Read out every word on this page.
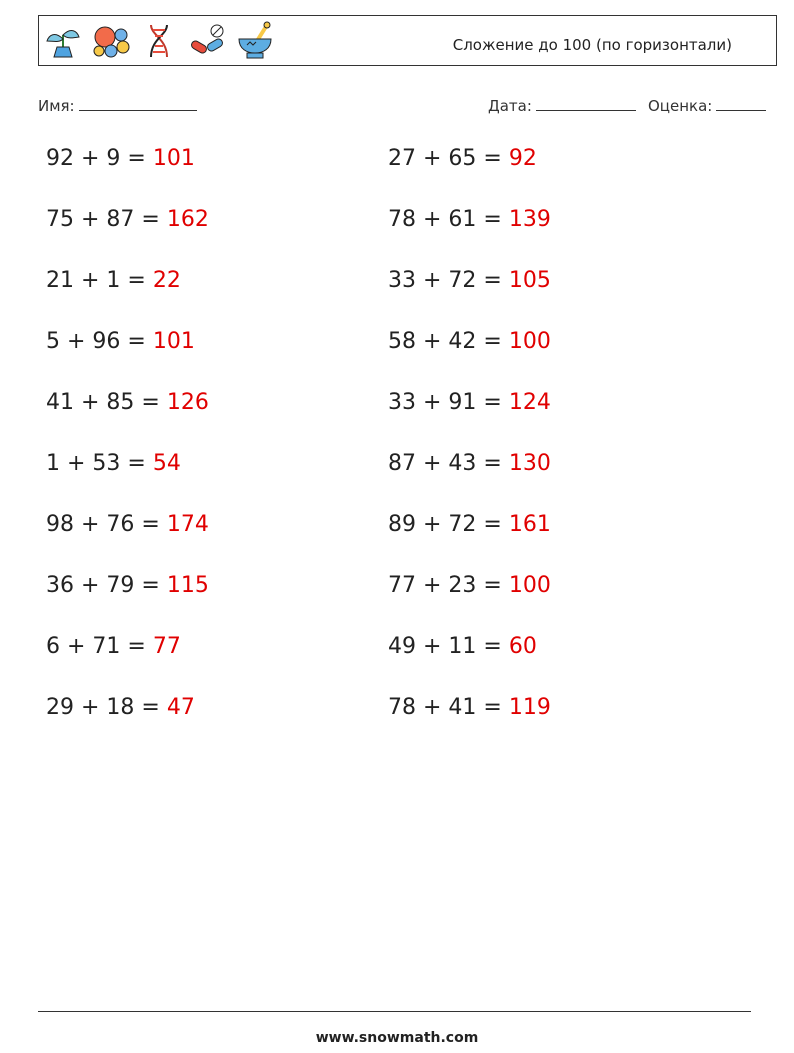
Сложение до 100 (по горизонтали)
Имя:	Дата:	Оценка:
92 + 9 = 101	27 + 65 = 92
75 + 87 = 162	78 + 61 = 139
21 + 1 = 22	33 + 72 = 105
5 + 96 = 101	58 + 42 = 100
41 + 85 = 126	33 + 91 = 124
1 + 53 = 54	87 + 43 = 130
98 + 76 = 174	89 + 72 = 161
36 + 79 = 115	77 + 23 = 100
6 + 71 = 77	49 + 11 = 60
29 + 18 = 47	78 + 41 = 119
www.snowmath.com
